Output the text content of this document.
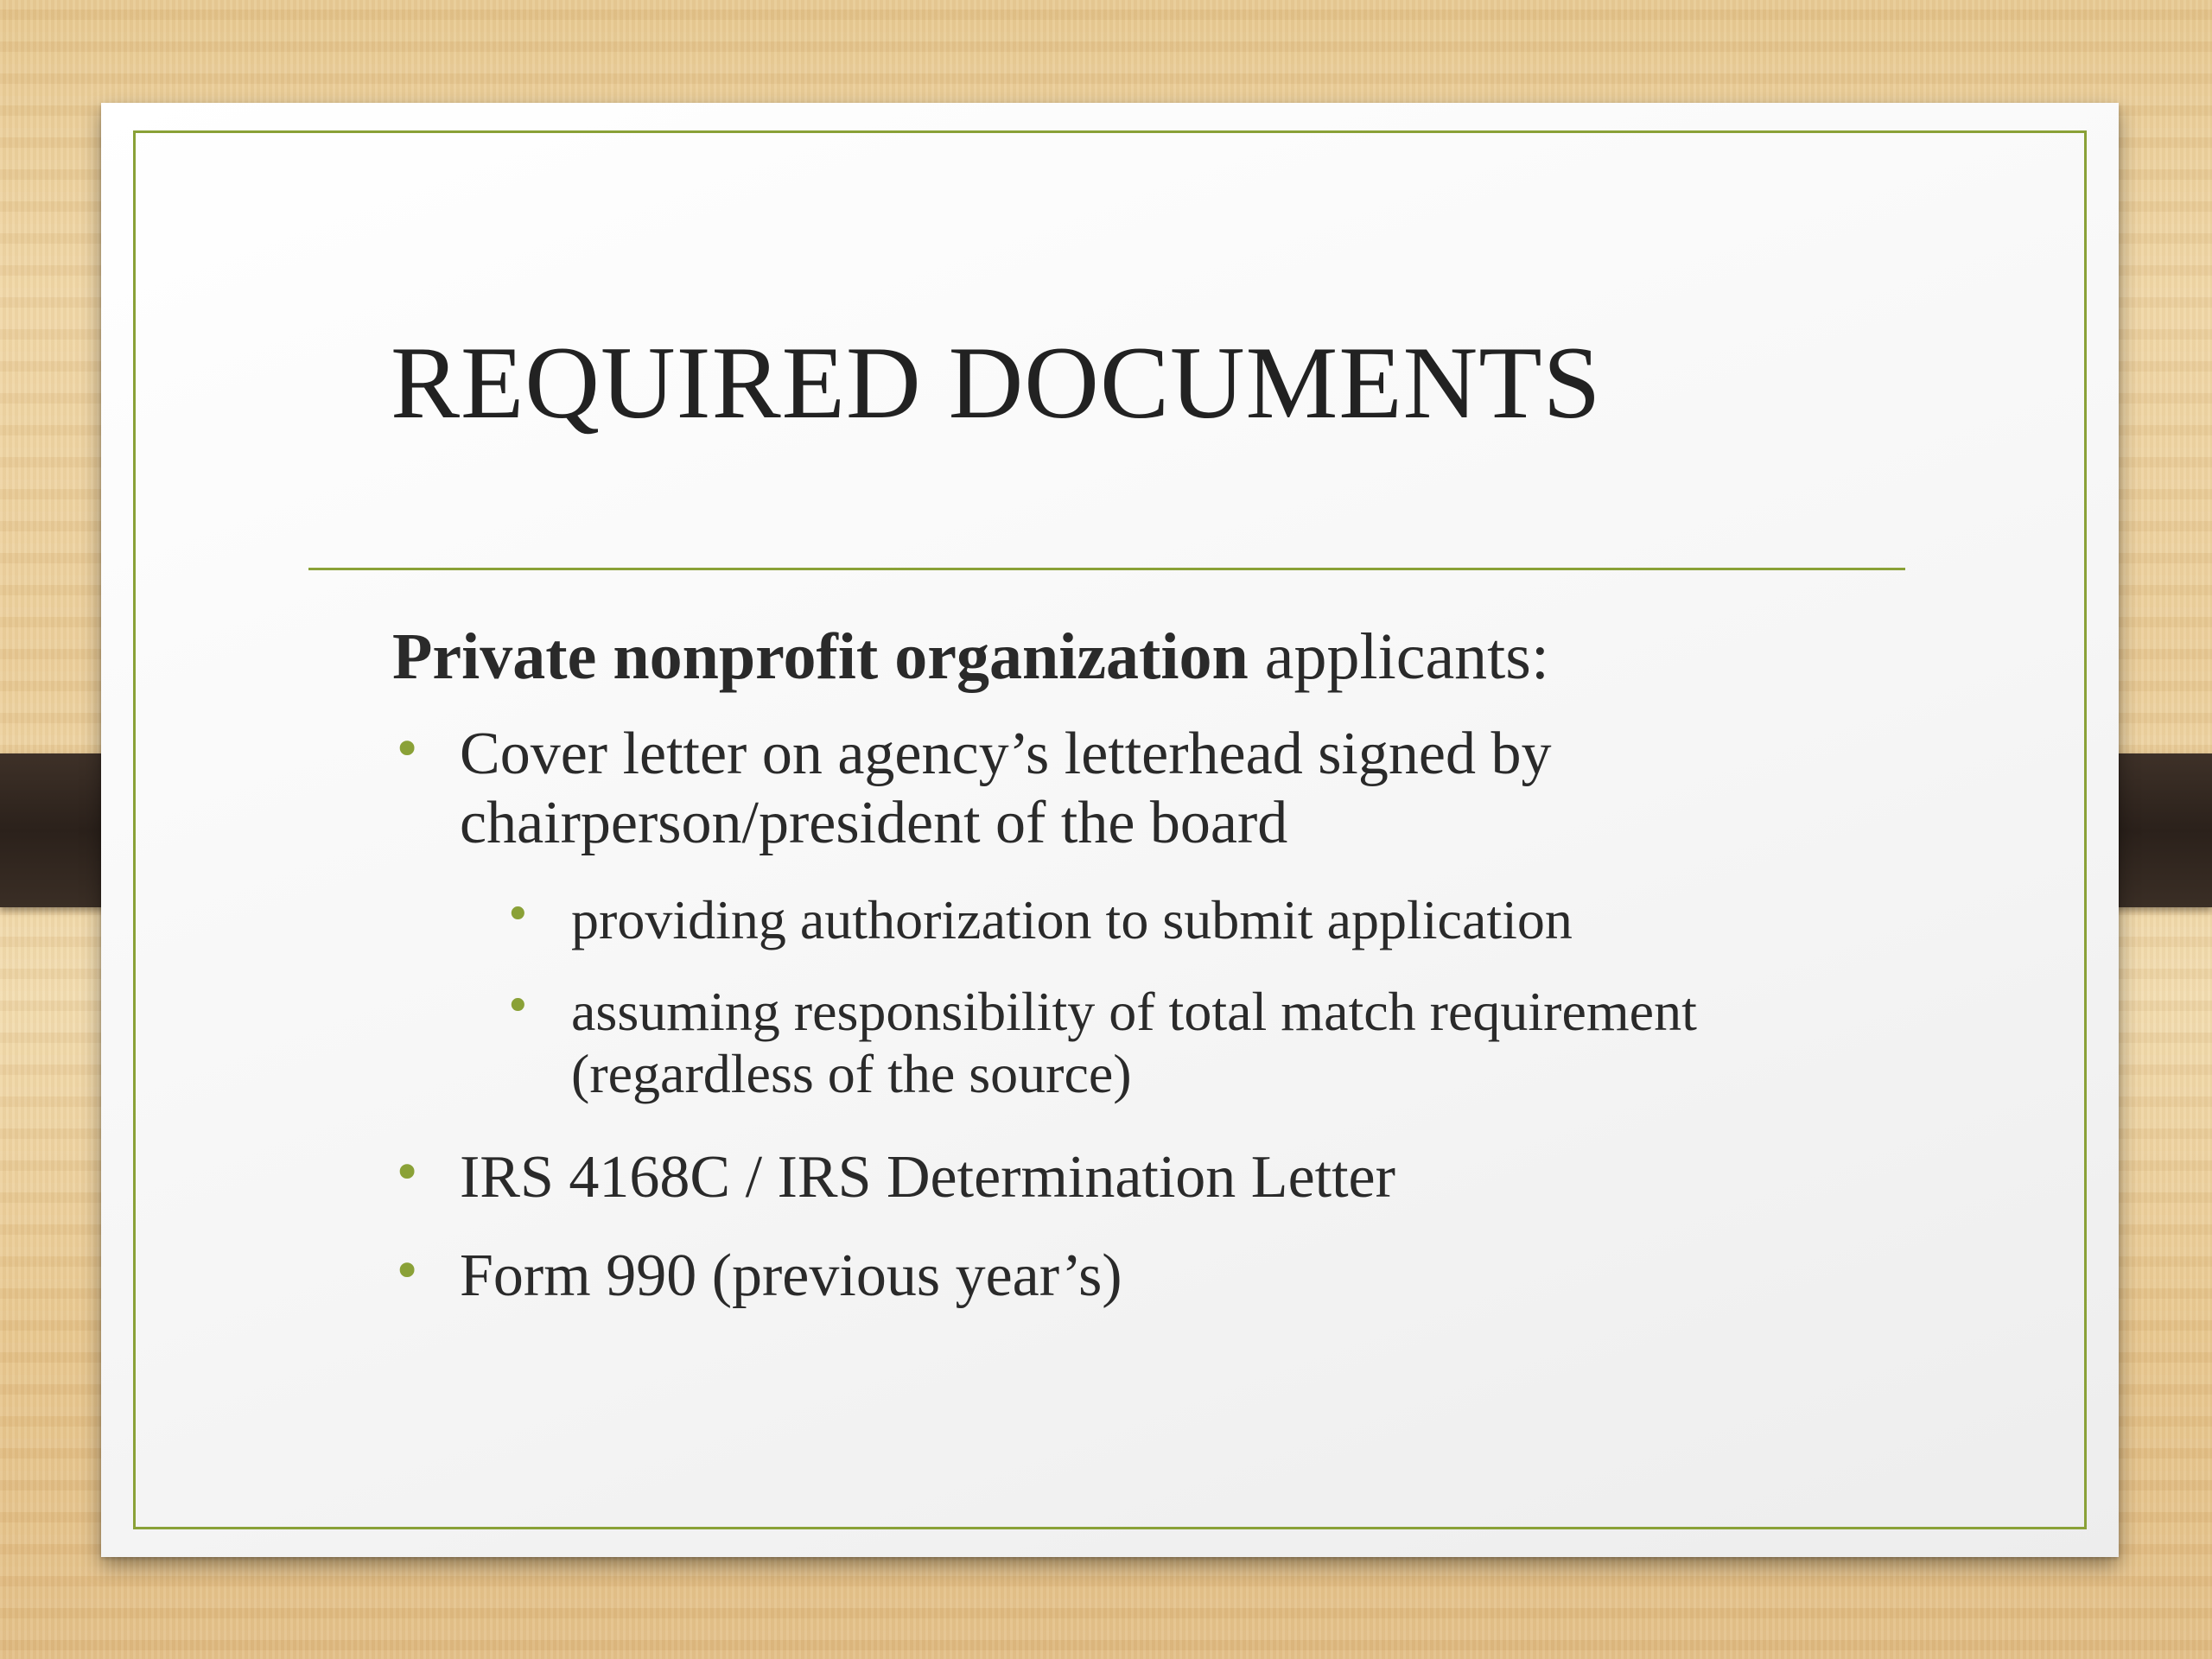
REQUIRED DOCUMENTS

Private nonprofit organization applicants:

• Cover letter on agency’s letterhead signed by chairperson/president of the board
• providing authorization to submit application
• assuming responsibility of total match requirement (regardless of the source)
• IRS 4168C / IRS Determination Letter
• Form 990 (previous year’s)
